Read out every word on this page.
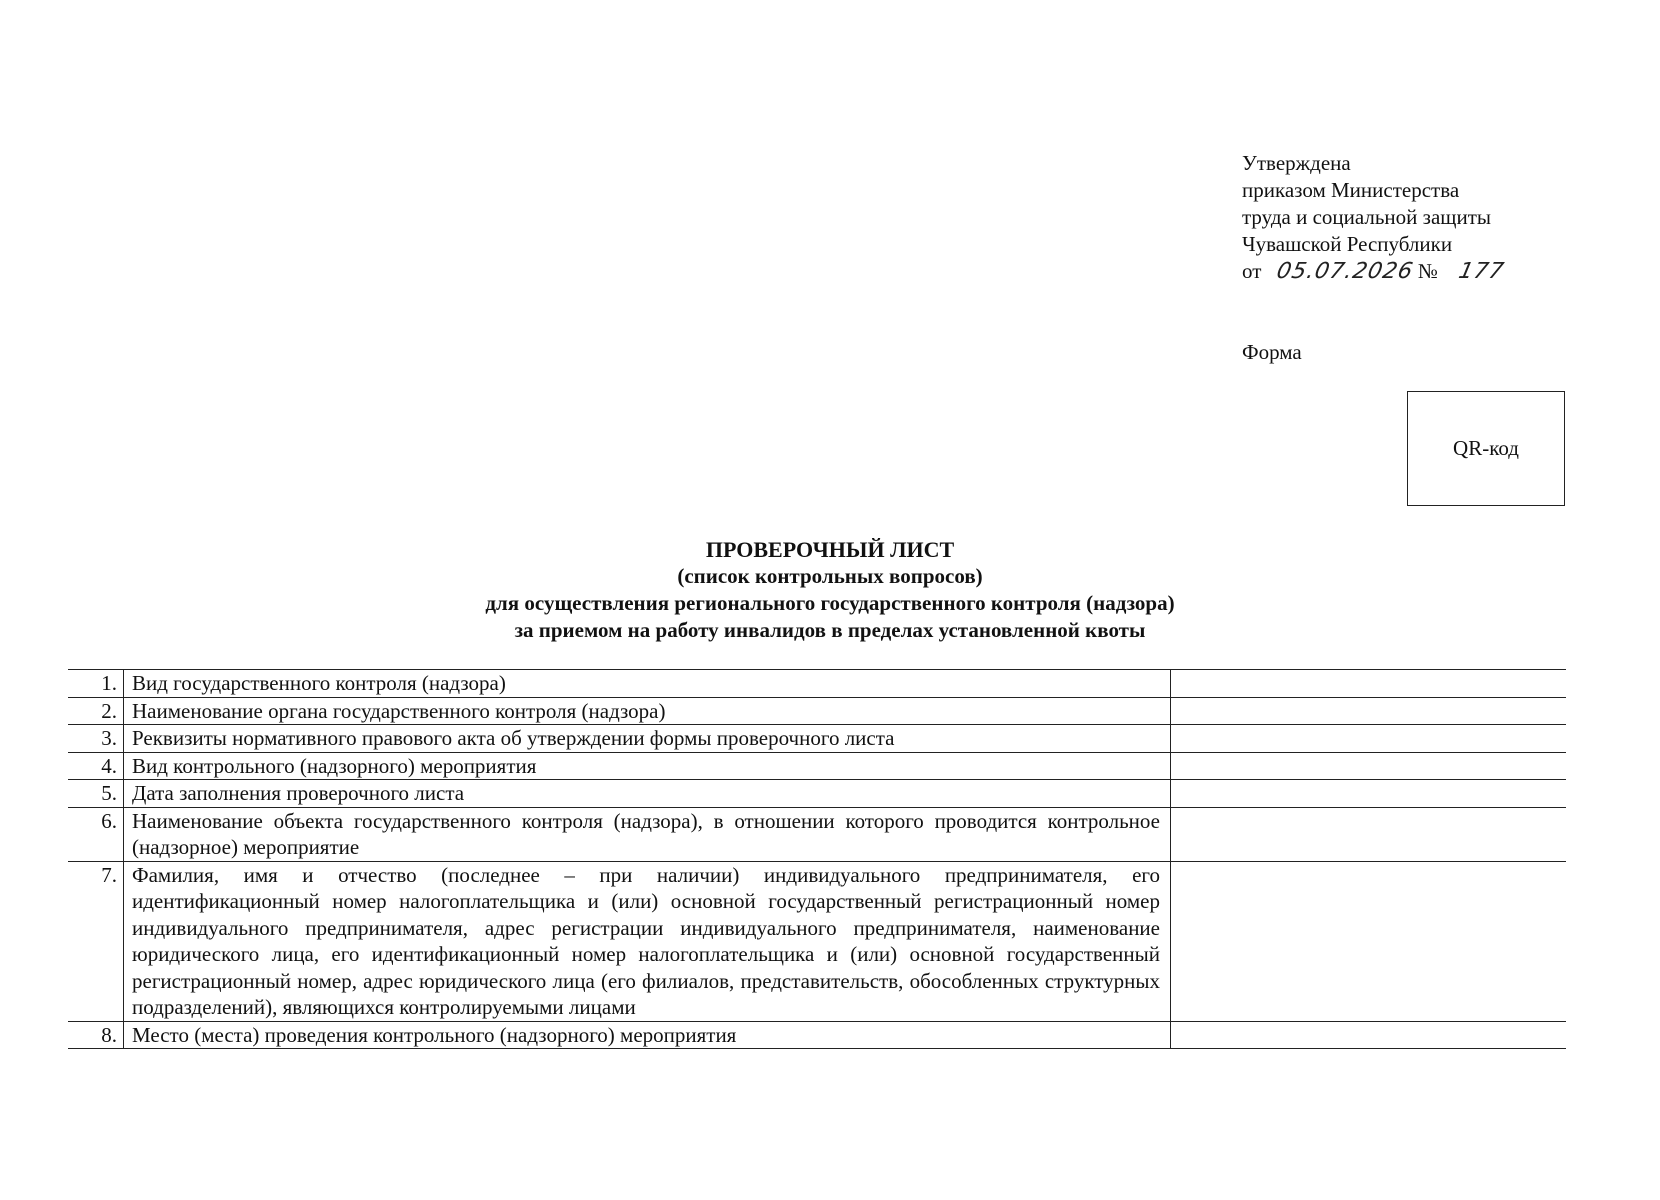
Утверждена
приказом Министерства
труда и социальной защиты
Чувашской Республики
от 05.07.2026 № 177
Форма
QR-код
ПРОВЕРОЧНЫЙ ЛИСТ
(список контрольных вопросов)
для осуществления регионального государственного контроля (надзора)
за приемом на работу инвалидов в пределах установленной квоты
1.	Вид государственного контроля (надзора)	
2.	Наименование органа государственного контроля (надзора)	
3.	Реквизиты нормативного правового акта об утверждении формы проверочного листа	
4.	Вид контрольного (надзорного) мероприятия	
5.	Дата заполнения проверочного листа	
6.	Наименование объекта государственного контроля (надзора), в отношении которого проводится контрольное (надзорное) мероприятие	
7.	Фамилия, имя и отчество (последнее – при наличии) индивидуального предпринимателя, его идентификационный номер налогоплательщика и (или) основной государственный регистрационный номер индивидуального предпринимателя, адрес регистрации индивидуального предпринимателя, наименование юридического лица, его идентификационный номер налогоплательщика и (или) основной государственный регистрационный номер, адрес юридического лица (его филиалов, представительств, обособленных структурных подразделений), являющихся контролируемыми лицами	
8.	Место (места) проведения контрольного (надзорного) мероприятия	
